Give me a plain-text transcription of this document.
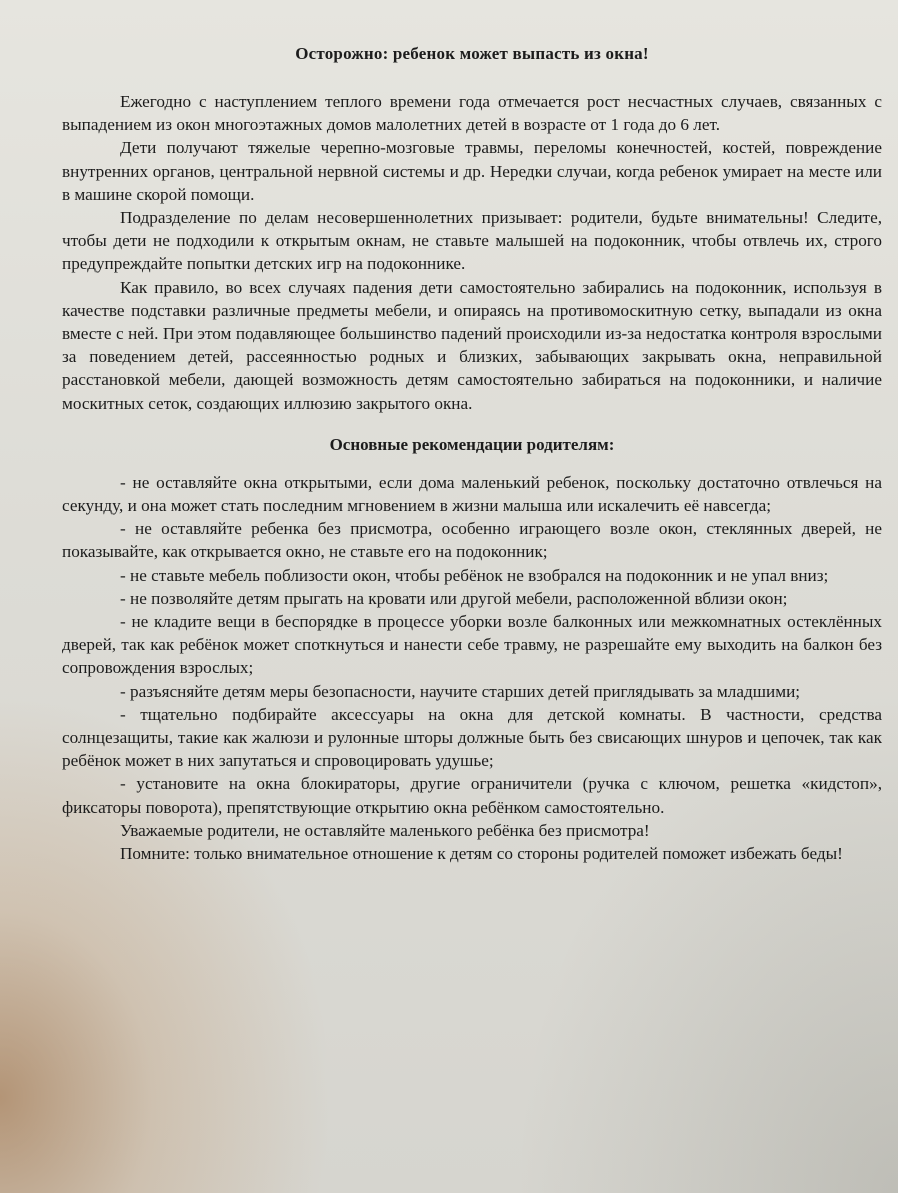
Осторожно: ребенок может выпасть из окна!

Ежегодно с наступлением теплого времени года отмечается рост несчастных случаев, связанных с выпадением из окон многоэтажных домов малолетних детей в возрасте от 1 года до 6 лет.

Дети получают тяжелые черепно-мозговые травмы, переломы конечностей, костей, повреждение внутренних органов, центральной нервной системы и др. Нередки случаи, когда ребенок умирает на месте или в машине скорой помощи.

Подразделение по делам несовершеннолетних призывает: родители, будьте внимательны! Следите, чтобы дети не подходили к открытым окнам, не ставьте малышей на подоконник, чтобы отвлечь их, строго предупреждайте попытки детских игр на подоконнике.

Как правило, во всех случаях падения дети самостоятельно забирались на подоконник, используя в качестве подставки различные предметы мебели, и опираясь на противомоскитную сетку, выпадали из окна вместе с ней. При этом подавляющее большинство падений происходили из-за недостатка контроля взрослыми за поведением детей, рассеянностью родных и близких, забывающих закрывать окна, неправильной расстановкой мебели, дающей возможность детям самостоятельно забираться на подоконники, и наличие москитных сеток, создающих иллюзию закрытого окна.

Основные рекомендации родителям:

- не оставляйте окна открытыми, если дома маленький ребенок, поскольку достаточно отвлечься на секунду, и она может стать последним мгновением в жизни малыша или искалечить её навсегда;

- не оставляйте ребенка без присмотра, особенно играющего возле окон, стеклянных дверей, не показывайте, как открывается окно, не ставьте его на подоконник;

- не ставьте мебель поблизости окон, чтобы ребёнок не взобрался на подоконник и не упал вниз;

- не позволяйте детям прыгать на кровати или другой мебели, расположенной вблизи окон;

- не кладите вещи в беспорядке в процессе уборки возле балконных или межкомнатных остеклённых дверей, так как ребёнок может споткнуться и нанести себе травму, не разрешайте ему выходить на балкон без сопровождения взрослых;

- разъясняйте детям меры безопасности, научите старших детей приглядывать за младшими;

- тщательно подбирайте аксессуары на окна для детской комнаты. В частности, средства солнцезащиты, такие как жалюзи и рулонные шторы должные быть без свисающих шнуров и цепочек, так как ребёнок может в них запутаться и спровоцировать удушье;

- установите на окна блокираторы, другие ограничители (ручка с ключом, решетка «кидстоп», фиксаторы поворота), препятствующие открытию окна ребёнком самостоятельно.

Уважаемые родители, не оставляйте маленького ребёнка без присмотра!

Помните: только внимательное отношение к детям со стороны родителей поможет избежать беды!
